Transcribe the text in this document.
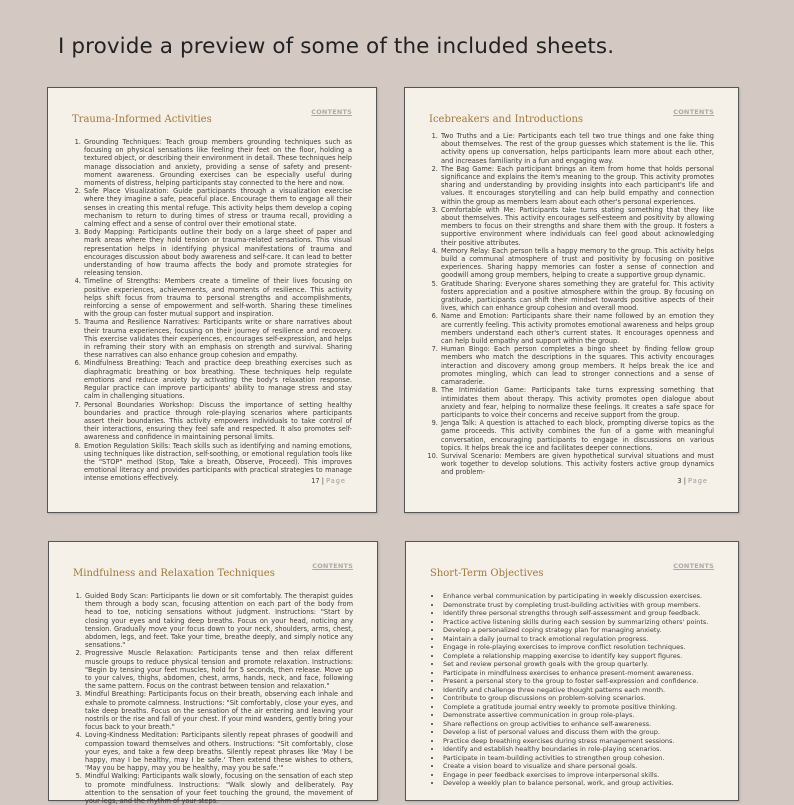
I provide a preview of some of the included sheets.
CONTENTS
Trauma-Informed Activities
1. Grounding Techniques: Teach group members grounding techniques such as focusing on physical sensations like feeling their feet on the floor, holding a textured object, or describing their environment in detail. These techniques help manage dissociation and anxiety, providing a sense of safety and present-moment awareness. Grounding exercises can be especially useful during moments of distress, helping participants stay connected to the here and now.
2. Safe Place Visualization: Guide participants through a visualization exercise where they imagine a safe, peaceful place. Encourage them to engage all their senses in creating this mental refuge. This activity helps them develop a coping mechanism to return to during times of stress or trauma recall, providing a calming effect and a sense of control over their emotional state.
3. Body Mapping: Participants outline their body on a large sheet of paper and mark areas where they hold tension or trauma-related sensations. This visual representation helps in identifying physical manifestations of trauma and encourages discussion about body awareness and self-care. It can lead to better understanding of how trauma affects the body and promote strategies for releasing tension.
4. Timeline of Strengths: Members create a timeline of their lives focusing on positive experiences, achievements, and moments of resilience. This activity helps shift focus from trauma to personal strengths and accomplishments, reinforcing a sense of empowerment and self-worth. Sharing these timelines with the group can foster mutual support and inspiration.
5. Trauma and Resilience Narratives: Participants write or share narratives about their trauma experiences, focusing on their journey of resilience and recovery. This exercise validates their experiences, encourages self-expression, and helps in reframing their story with an emphasis on strength and survival. Sharing these narratives can also enhance group cohesion and empathy.
6. Mindfulness Breathing: Teach and practice deep breathing exercises such as diaphragmatic breathing or box breathing. These techniques help regulate emotions and reduce anxiety by activating the body's relaxation response. Regular practice can improve participants' ability to manage stress and stay calm in challenging situations.
7. Personal Boundaries Workshop: Discuss the importance of setting healthy boundaries and practice through role-playing scenarios where participants assert their boundaries. This activity empowers individuals to take control of their interactions, ensuring they feel safe and respected. It also promotes self-awareness and confidence in maintaining personal limits.
8. Emotion Regulation Skills: Teach skills such as identifying and naming emotions, using techniques like distraction, self-soothing, or emotional regulation tools like the "STOP" method (Stop, Take a breath, Observe, Proceed). This improves emotional literacy and provides participants with practical strategies to manage intense emotions effectively.	17 | Page
CONTENTS
Icebreakers and Introductions
1. Two Truths and a Lie: Participants each tell two true things and one fake thing about themselves. The rest of the group guesses which statement is the lie. This activity opens up conversation, helps participants learn more about each other, and increases familiarity in a fun and engaging way.
2. The Bag Game: Each participant brings an item from home that holds personal significance and explains the item's meaning to the group. This activity promotes sharing and understanding by providing insights into each participant's life and values. It encourages storytelling and can help build empathy and connection within the group as members learn about each other's personal experiences.
3. Comfortable with Me: Participants take turns stating something that they like about themselves. This activity encourages self-esteem and positivity by allowing members to focus on their strengths and share them with the group. It fosters a supportive environment where individuals can feel good about acknowledging their positive attributes.
4. Memory Relay: Each person tells a happy memory to the group. This activity helps build a communal atmosphere of trust and positivity by focusing on positive experiences. Sharing happy memories can foster a sense of connection and goodwill among group members, helping to create a supportive group dynamic.
5. Gratitude Sharing: Everyone shares something they are grateful for. This activity fosters appreciation and a positive atmosphere within the group. By focusing on gratitude, participants can shift their mindset towards positive aspects of their lives, which can enhance group cohesion and overall mood.
6. Name and Emotion: Participants share their name followed by an emotion they are currently feeling. This activity promotes emotional awareness and helps group members understand each other's current states. It encourages openness and can help build empathy and support within the group.
7. Human Bingo: Each person completes a bingo sheet by finding fellow group members who match the descriptions in the squares. This activity encourages interaction and discovery among group members. It helps break the ice and promotes mingling, which can lead to stronger connections and a sense of camaraderie.
8. The Intimidation Game: Participants take turns expressing something that intimidates them about therapy. This activity promotes open dialogue about anxiety and fear, helping to normalize these feelings. It creates a safe space for participants to voice their concerns and receive support from the group.
9. Jenga Talk: A question is attached to each block, prompting diverse topics as the game proceeds. This activity combines the fun of a game with meaningful conversation, encouraging participants to engage in discussions on various topics. It helps break the ice and facilitates deeper connections.
10. Survival Scenario: Members are given hypothetical survival situations and must work together to develop solutions. This activity fosters active group dynamics and problem-
3 | Page
CONTENTS
Mindfulness and Relaxation Techniques
1. Guided Body Scan: Participants lie down or sit comfortably. The therapist guides them through a body scan, focusing attention on each part of the body from head to toe, noticing sensations without judgment. Instructions: "Start by closing your eyes and taking deep breaths. Focus on your head, noticing any tension. Gradually move your focus down to your neck, shoulders, arms, chest, abdomen, legs, and feet. Take your time, breathe deeply, and simply notice any sensations."
2. Progressive Muscle Relaxation: Participants tense and then relax different muscle groups to reduce physical tension and promote relaxation. Instructions: "Begin by tensing your feet muscles, hold for 5 seconds, then release. Move up to your calves, thighs, abdomen, chest, arms, hands, neck, and face, following the same pattern. Focus on the contrast between tension and relaxation."
3. Mindful Breathing: Participants focus on their breath, observing each inhale and exhale to promote calmness. Instructions: "Sit comfortably, close your eyes, and take deep breaths. Focus on the sensation of the air entering and leaving your nostrils or the rise and fall of your chest. If your mind wanders, gently bring your focus back to your breath."
4. Loving-Kindness Meditation: Participants silently repeat phrases of goodwill and compassion toward themselves and others. Instructions: "Sit comfortably, close your eyes, and take a few deep breaths. Silently repeat phrases like 'May I be happy, may I be healthy, may I be safe.' Then extend these wishes to others, 'May you be happy, may you be healthy, may you be safe.'"
5. Mindful Walking: Participants walk slowly, focusing on the sensation of each step to promote mindfulness. Instructions: "Walk slowly and deliberately. Pay attention to the sensation of your feet touching the ground, the movement of your legs, and the rhythm of your steps.
CONTENTS
Short-Term Objectives
• Enhance verbal communication by participating in weekly discussion exercises.
• Demonstrate trust by completing trust-building activities with group members.
• Identify three personal strengths through self-assessment and group feedback.
• Practice active listening skills during each session by summarizing others' points.
• Develop a personalized coping strategy plan for managing anxiety.
• Maintain a daily journal to track emotional regulation progress.
• Engage in role-playing exercises to improve conflict resolution techniques.
• Complete a relationship mapping exercise to identify key support figures.
• Set and review personal growth goals with the group quarterly.
• Participate in mindfulness exercises to enhance present-moment awareness.
• Present a personal story to the group to foster self-expression and confidence.
• Identify and challenge three negative thought patterns each month.
• Contribute to group discussions on problem-solving scenarios.
• Complete a gratitude journal entry weekly to promote positive thinking.
• Demonstrate assertive communication in group role-plays.
• Share reflections on group activities to enhance self-awareness.
• Develop a list of personal values and discuss them with the group.
• Practice deep breathing exercises during stress management sessions.
• Identify and establish healthy boundaries in role-playing scenarios.
• Participate in team-building activities to strengthen group cohesion.
• Create a vision board to visualize and share personal goals.
• Engage in peer feedback exercises to improve interpersonal skills.
• Develop a weekly plan to balance personal, work, and group activities.
